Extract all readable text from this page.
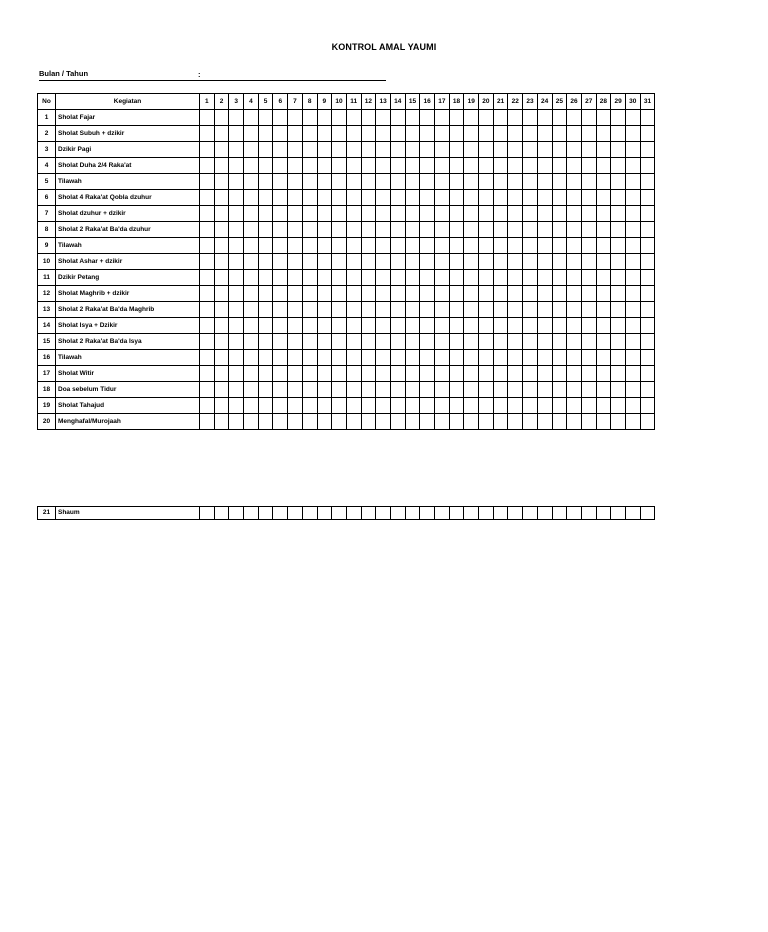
KONTROL AMAL YAUMI
Bulan / Tahun	:
No	Kegiatan	1	2	3	4	5	6	7	8	9	10	11	12	13	14	15	16	17	18	19	20	21	22	23	24	25	26	27	28	29	30	31
1	Sholat Fajar																															
2	Sholat Subuh + dzikir																															
3	Dzikir Pagi																															
4	Sholat Duha 2/4 Raka'at																															
5	Tilawah																															
6	Sholat 4 Raka'at Qobla dzuhur																															
7	Sholat dzuhur + dzikir																															
8	Sholat 2 Raka'at Ba'da dzuhur																															
9	Tilawah																															
10	Sholat Ashar + dzikir																															
11	Dzikir Petang																															
12	Sholat Maghrib + dzikir																															
13	Sholat 2 Raka'at Ba'da Maghrib																															
14	Sholat Isya + Dzikir																															
15	Sholat 2 Raka'at Ba'da Isya																															
16	Tilawah																															
17	Sholat Witir																															
18	Doa sebelum Tidur																															
19	Sholat Tahajud																															
20	Menghafal/Murojaah																															
21	Shaum																															
